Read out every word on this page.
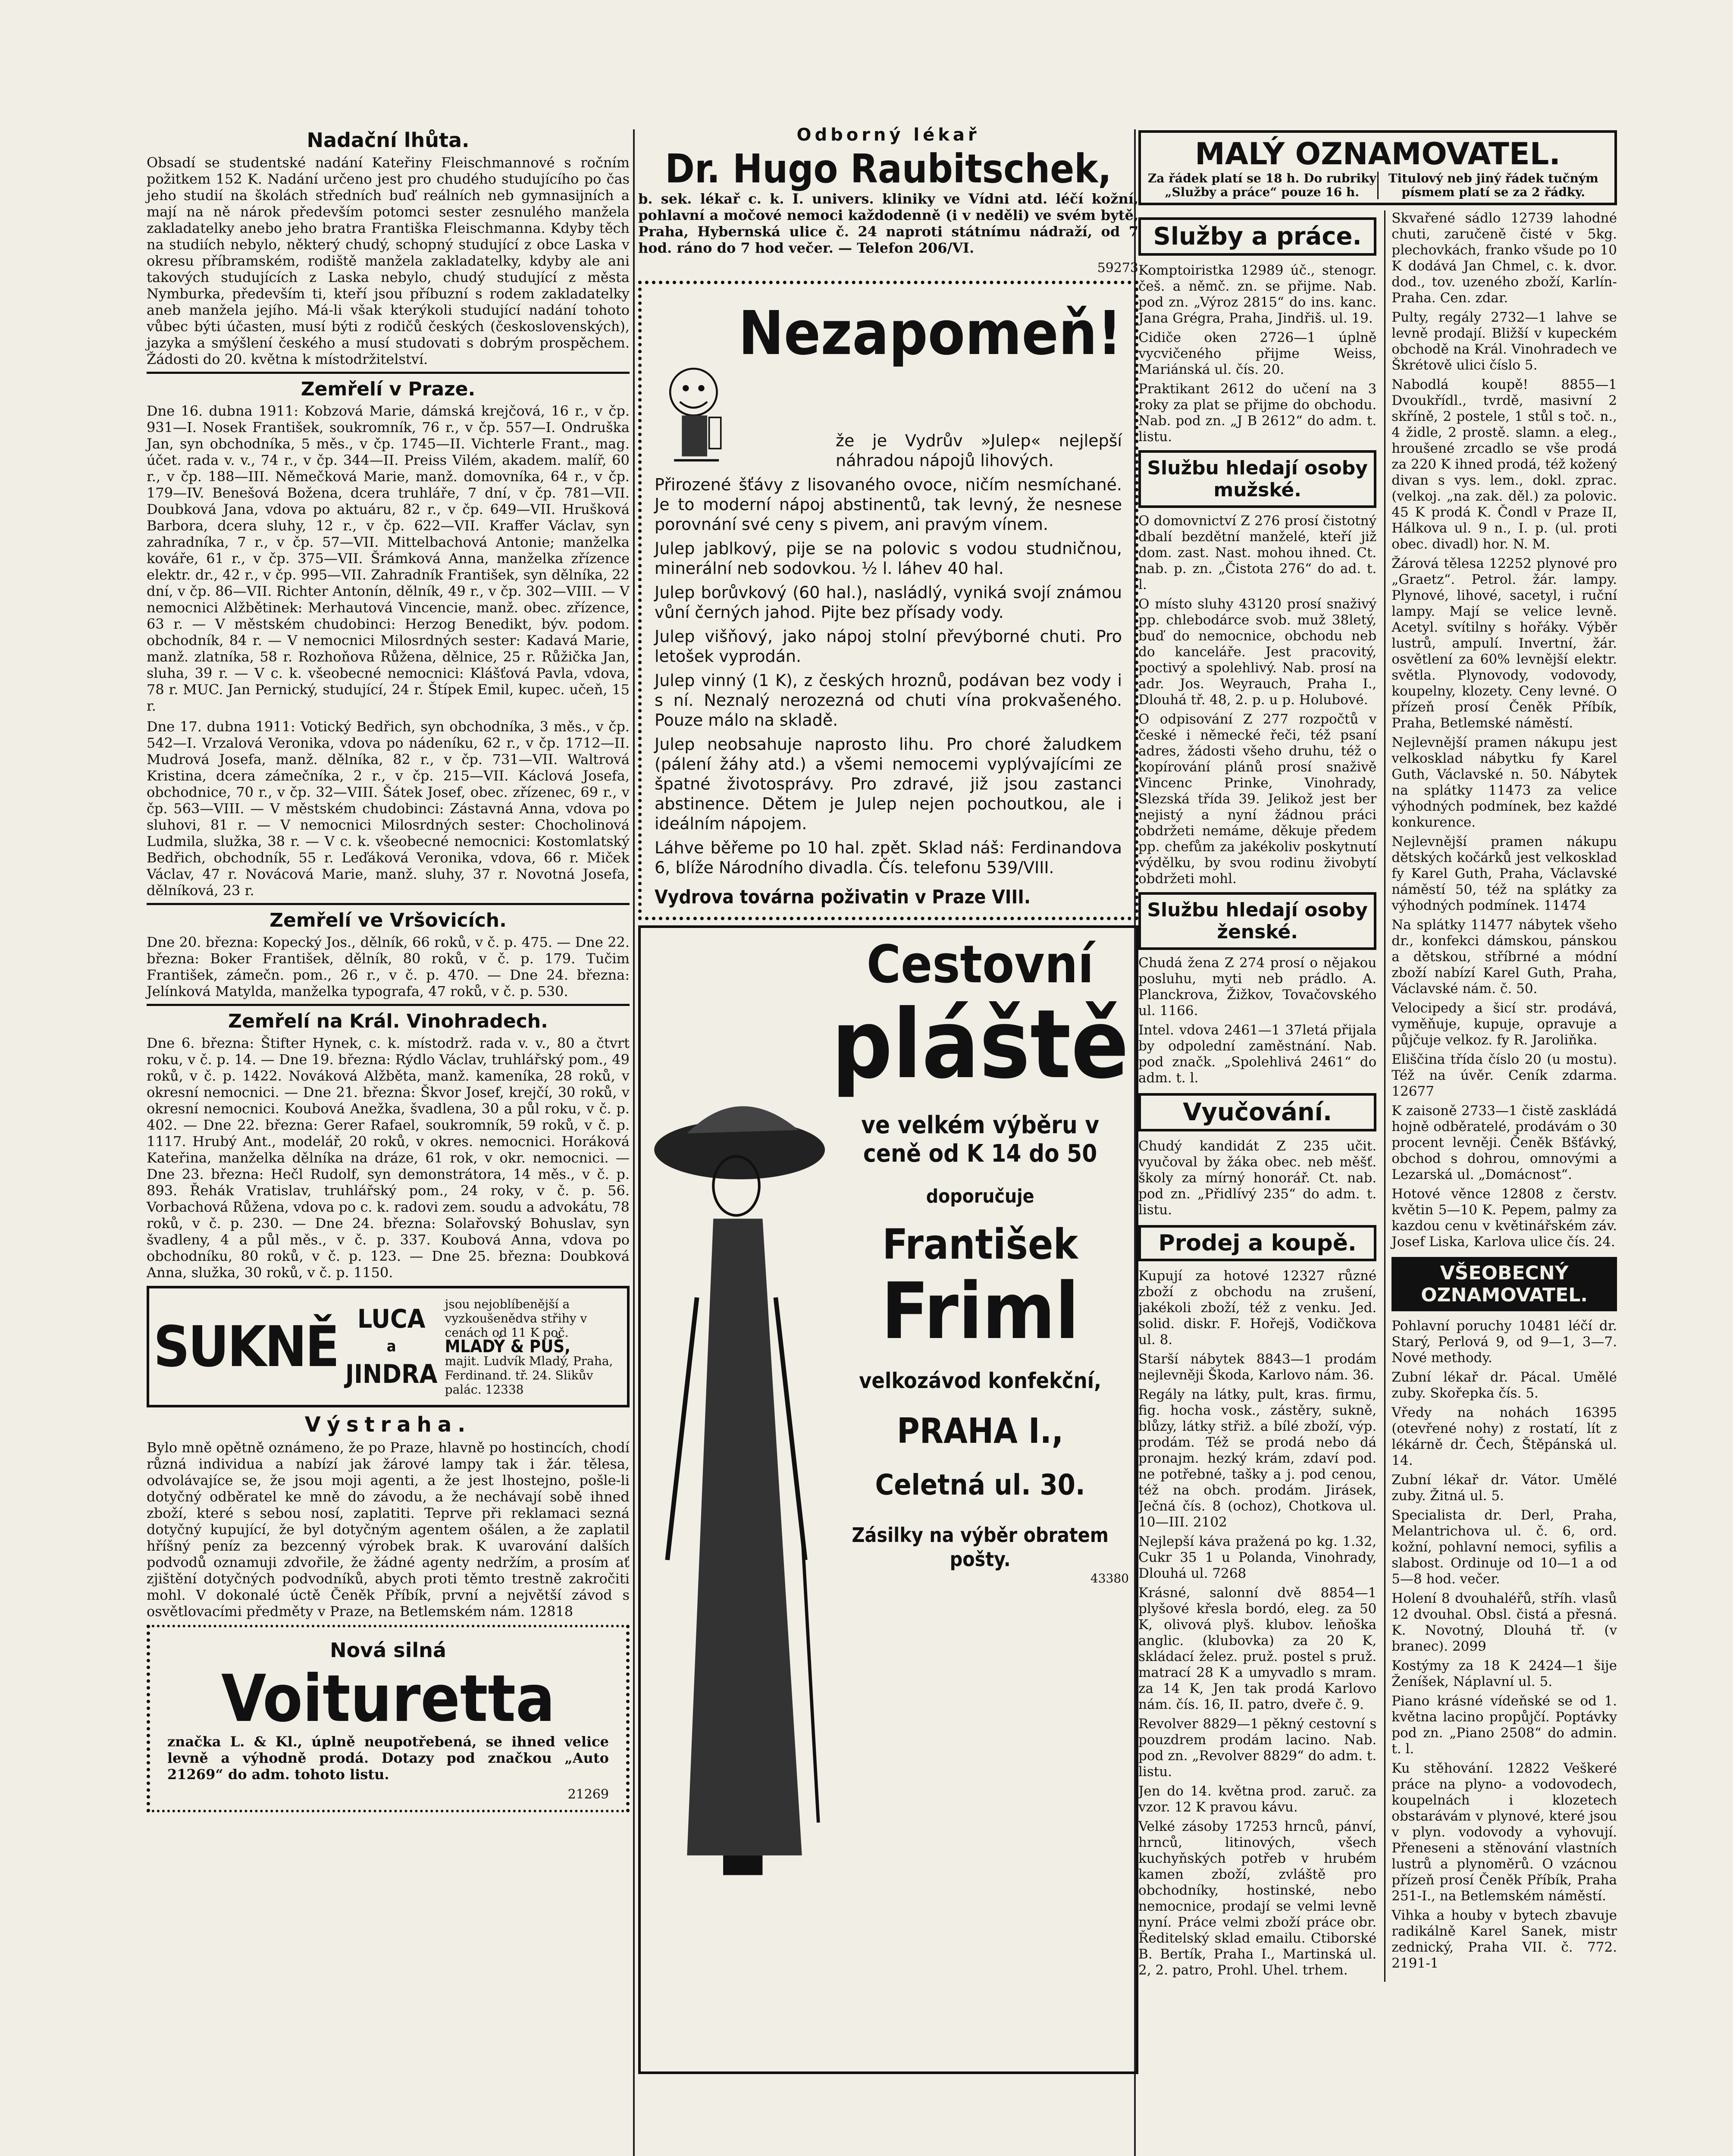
Nadační lhůta.

Obsadí se studentské nadání Kateřiny Fleischmannové s ročním požitkem 152 K. Nadání určeno jest pro chudého studujícího po čas jeho studií na školách středních buď reálních neb gymnasijních a mají na ně nárok především potomci sester zesnulého manžela zakladatelky anebo jeho bratra Františka Fleischmanna. Kdyby těch na studiích nebylo, některý chudý, schopný studující z obce Laska v okresu příbramském, rodiště manžela zakladatelky, kdyby ale ani takových studujících z Laska nebylo, chudý studující z města Nymburka, především ti, kteří jsou příbuzní s rodem zakladatelky aneb manžela jejího. Má-li však kterýkoli studující nadání tohoto vůbec býti účasten, musí býti z rodičů českých (československých), jazyka a smýšlení českého a musí studovati s dobrým prospěchem. Žádosti do 20. května k místodržitelství.

Zemřelí v Praze.

Dne 16. dubna 1911: Kobzová Marie, dámská krejčová, 16 r., v čp. 931—I. Nosek František, soukromník, 76 r., v čp. 557—I. Ondruška Jan, syn obchodníka, 5 měs., v čp. 1745—II. Vichterle Frant., mag. účet. rada v. v., 74 r., v čp. 344—II. Preiss Vilém, akadem. malíř, 60 r., v čp. 188—III. Němečková Marie, manž. domovníka, 64 r., v čp. 179—IV. Benešová Božena, dcera truhláře, 7 dní, v čp. 781—VII. Doubková Jana, vdova po aktuáru, 82 r., v čp. 649—VII. Hrušková Barbora, dcera sluhy, 12 r., v čp. 622—VII. Kraffer Václav, syn zahradníka, 7 r., v čp. 57—VII. Mittelbachová Antonie; manželka kováře, 61 r., v čp. 375—VII. Šrámková Anna, manželka zřízence elektr. dr., 42 r., v čp. 995—VII. Zahradník František, syn dělníka, 22 dní, v čp. 86—VII. Richter Antonín, dělník, 49 r., v čp. 302—VIII. — V nemocnici Alžbětinek: Merhautová Vincencie, manž. obec. zřízence, 63 r. — V městském chudobinci: Herzog Benedikt, býv. podom. obchodník, 84 r. — V nemocnici Milosrdných sester: Kadavá Marie, manž. zlatníka, 58 r. Rozhoňova Růžena, dělnice, 25 r. Růžička Jan, sluha, 39 r. — V c. k. všeobecné nemocnici: Klášťová Pavla, vdova, 78 r. MUC. Jan Pernický, studující, 24 r. Štípek Emil, kupec. učeň, 15 r.

Dne 17. dubna 1911: Votický Bedřich, syn obchodníka, 3 měs., v čp. 542—I. Vrzalová Veronika, vdova po nádeníku, 62 r., v čp. 1712—II. Mudrová Josefa, manž. dělníka, 82 r., v čp. 731—VII. Waltrová Kristina, dcera zámečníka, 2 r., v čp. 215—VII. Káclová Josefa, obchodnice, 70 r., v čp. 32—VIII. Šátek Josef, obec. zřízenec, 69 r., v čp. 563—VIII. — V městském chudobinci: Zástavná Anna, vdova po sluhovi, 81 r. — V nemocnici Milosrdných sester: Chocholinová Ludmila, služka, 38 r. — V c. k. všeobecné nemocnici: Kostomlatský Bedřich, obchodník, 55 r. Leďáková Veronika, vdova, 66 r. Miček Václav, 47 r. Novácová Marie, manž. sluhy, 37 r. Novotná Josefa, dělníková, 23 r.

Zemřelí ve Vršovicích.

Dne 20. března: Kopecký Jos., dělník, 66 roků, v č. p. 475. — Dne 22. března: Boker František, dělník, 80 roků, v č. p. 179. Tučim František, zámečn. pom., 26 r., v č. p. 470. — Dne 24. března: Jelínková Matylda, manželka typografa, 47 roků, v č. p. 530.

Zemřelí na Král. Vinohradech.

Dne 6. března: Štifter Hynek, c. k. místodrž. rada v. v., 80 a čtvrt roku, v č. p. 14. — Dne 19. března: Rýdlo Václav, truhlářský pom., 49 roků, v č. p. 1422. Nováková Alžběta, manž. kameníka, 28 roků, v okresní nemocnici. — Dne 21. března: Škvor Josef, krejčí, 30 roků, v okresní nemocnici. Koubová Anežka, švadlena, 30 a půl roku, v č. p. 402. — Dne 22. března: Gerer Rafael, soukromník, 59 roků, v č. p. 1117. Hrubý Ant., modelář, 20 roků, v okres. nemocnici. Horáková Kateřina, manželka dělníka na dráze, 61 rok, v okr. nemocnici. — Dne 23. března: Hečl Rudolf, syn demonstrátora, 14 měs., v č. p. 893. Řehák Vratislav, truhlářský pom., 24 roky, v č. p. 56. Vorbachová Růžena, vdova po c. k. radovi zem. soudu a advokátu, 78 roků, v č. p. 230. — Dne 24. března: Solařovský Bohuslav, syn švadleny, 4 a půl měs., v č. p. 337. Koubová Anna, vdova po obchodníku, 80 roků, v č. p. 123. — Dne 25. března: Doubková Anna, služka, 30 roků, v č. p. 1150.

SUKNĚ LUCA
a
JINDRA
jsou nejoblíbenější a vyzkoušenědva střihy v cenách od 11 K poč.
MLADÝ & PUŠ,
majit. Ludvík Mladý, Praha, Ferdinand. tř. 24. Slikův palác. 12338
Výstraha.

Bylo mně opětně oznámeno, že po Praze, hlavně po hostincích, chodí různá individua a nabízí jak žárové lampy tak i žár. tělesa, odvolávajíce se, že jsou moji agenti, a že jest lhostejno, pošle-li dotyčný odběratel ke mně do závodu, a že nechávají sobě ihned zboží, které s sebou nosí, zaplatiti. Teprve při reklamaci sezná dotyčný kupující, že byl dotyčným agentem ošálen, a že zaplatil hříšný peníz za bezcenný výrobek brak. K uvarování dalších podvodů oznamuji zdvořile, že žádné agenty nedržím, a prosím ať zjištění dotyčných podvodníků, abych proti těmto trestně zakročiti mohl. V dokonalé úctě Čeněk Příbík, první a největší závod s osvětlovacími předměty v Praze, na Betlemském nám. 12818

Nová silná
Voituretta

značka L. & Kl., úplně neupotřebená, se ihned velice levně a výhodně prodá. Dotazy pod značkou „Auto 21269“ do adm. tohoto listu.

21269
Odborný lékař
Dr. Hugo Raubitschek,

b. sek. lékař c. k. I. univers. kliniky ve Vídni atd. léčí kožní, pohlavní a močové nemoci každodenně (i v neděli) ve svém bytě, Praha, Hybernská ulice č. 24 naproti státnímu nádraží, od 7 hod. ráno do 7 hod večer. — Telefon 206/VI.

59273
Nezapomeň!

že je Vydrův »Julep« nejlepší náhradou nápojů lihových.

Přirozené šťávy z lisovaného ovoce, ničím nesmíchané. Je to moderní nápoj abstinentů, tak levný, že nesnese porovnání své ceny s pivem, ani pravým vínem.

Julep jablkový, pije se na polovic s vodou studničnou, minerální neb sodovkou. ½ l. láhev 40 hal.

Julep borůvkový (60 hal.), nasládlý, vyniká svojí známou vůní černých jahod. Pijte bez přísady vody.

Julep višňový, jako nápoj stolní převýborné chuti. Pro letošek vyprodán.

Julep vinný (1 K), z českých hroznů, podávan bez vody i s ní. Neznalý nerozezná od chuti vína prokvašeného. Pouze málo na skladě.

Julep neobsahuje naprosto lihu. Pro choré žaludkem (pálení žáhy atd.) a všemi nemocemi vyplývajícími ze špatné životosprávy. Pro zdravé, již jsou zastanci abstinence. Dětem je Julep nejen pochoutkou, ale i ideálním nápojem.

Láhve běřeme po 10 hal. zpět. Sklad náš: Ferdinandova 6, blíže Národního divadla. Čís. telefonu 539/VIII.

Vydrova továrna poživatin v Praze VIII.
Cestovní
pláště
ve velkém výběru v ceně od K 14 do 50
doporučuje
František
Friml
velkozávod konfekční,
PRAHA I.,
Celetná ul. 30.
Zásilky na výběr obratem pošty.
43380
MALÝ OZNAMOVATEL.
Za řádek platí se 18 h. Do rubriky „Služby a práce“ pouze 16 h.
Titulový neb jiný řádek tučným písmem platí se za 2 řádky.
Služby a práce.

Komptoiristka 12989 úč., stenogr. češ. a němč. zn. se přijme. Nab. pod zn. „Výroz 2815“ do ins. kanc. Jana Grégra, Praha, Jindřiš. ul. 19.

Cidiče oken 2726—1 úplně vycvičeného přijme Weiss, Mariánská ul. čís. 20.

Praktikant 2612 do učení na 3 roky za plat se přijme do obchodu. Nab. pod zn. „J B 2612“ do adm. t. listu.

Službu hledají osoby mužské.

O domovnictví Z 276 prosí čistotný dbalí bezdětní manželé, kteří již dom. zast. Nast. mohou ihned. Ct. nab. p. zn. „Čistota 276“ do ad. t. l.

O místo sluhy 43120 prosí snaživý pp. chlebodárce svob. muž 38letý, buď do nemocnice, obchodu neb do kanceláře. Jest pracovitý, poctivý a spolehlivý. Nab. prosí na adr. Jos. Weyrauch, Praha I., Dlouhá tř. 48, 2. p. u p. Holubové.

O odpisování Z 277 rozpočtů v české i německé řeči, též psaní adres, žádosti všeho druhu, též o kopírování plánů prosí snaživě Vincenc Prinke, Vinohrady, Slezská třída 39. Jelikož jest ber nejistý a nyní žádnou práci obdržeti nemáme, děkuje předem pp. chefům za jakékoliv poskytnutí výdělku, by svou rodinu živobytí obdržeti mohl.

Službu hledají osoby ženské.

Chudá žena Z 274 prosí o nějakou posluhu, myti neb prádlo. A. Planckrova, Žižkov, Tovačovského ul. 1166.

Intel. vdova 2461—1 37letá přijala by odpolední zaměstnání. Nab. pod značk. „Spolehlivá 2461“ do adm. t. l.

Vyučování.

Chudý kandidát Z 235 učit. vyučoval by žáka obec. neb měšť. školy za mírný honorář. Ct. nab. pod zn. „Přidlívý 235“ do adm. t. listu.

Prodej a koupě.

Kupují za hotové 12327 různé zboží z obchodu na zrušení, jakékoli zboží, též z venku. Jed. solid. diskr. F. Hořejš, Vodičkova ul. 8.

Starší nábytek 8843—1 prodám nejlevněji Škoda, Karlovo nám. 36.

Regály na látky, pult, kras. firmu, fig. hocha vosk., zástěry, sukně, blůzy, látky střiž. a bílé zboží, výp. prodám. Též se prodá nebo dá pronajm. hezký krám, zdaví pod. ne potřebné, tašky a j. pod cenou, též na obch. prodám. Jirásek, Ječná čís. 8 (ochoz), Chotkova ul. 10—III. 2102

Nejlepší káva pražená po kg. 1.32, Cukr 35 1 u Polanda, Vinohrady, Dlouhá ul. 7268

Krásné, salonní dvě 8854—1 plyšové křesla bordó, eleg. za 50 K, olivová plyš. klubov. leňoška anglic. (klubovka) za 20 K, skládací želez. pruž. postel s pruž. matrací 28 K a umyvadlo s mram. za 14 K, Jen tak prodá Karlovo nám. čís. 16, II. patro, dveře č. 9.

Revolver 8829—1 pěkný cestovní s pouzdrem prodám lacino. Nab. pod zn. „Revolver 8829“ do adm. t. listu.

Jen do 14. května prod. zaruč. za vzor. 12 K pravou kávu.

Velké zásoby 17253 hrnců, pánví, hrnců, litinových, všech kuchyňských potřeb v hrubém kamen zboží, zvláště pro obchodníky, hostinské, nebo nemocnice, prodají se velmi levně nyní. Práce velmi zboží práce obr. Ředitelský sklad emailu. Ctiborské B. Bertík, Praha I., Martinská ul. 2, 2. patro, Prohl. Uhel. trhem.

Skvařené sádlo 12739 lahodné chuti, zaručeně čisté v 5kg. plechovkách, franko všude po 10 K dodává Jan Chmel, c. k. dvor. dod., tov. uzeného zboží, Karlín-Praha. Cen. zdar.

Pulty, regály 2732—1 lahve se levně prodají. Bližší v kupeckém obchodě na Král. Vinohradech ve Škrétově ulici číslo 5.

Nabodlá koupě! 8855—1 Dvoukřídl., tvrdě, masivní 2 skříně, 2 postele, 1 stůl s toč. n., 4 židle, 2 prostě. slamn. a eleg., hroušené zrcadlo se vše prodá za 220 K ihned prodá, též kožený divan s vys. lem., dokl. zprac. (velkoj. „na zak. děl.) za polovic. 45 K prodá K. Čondl v Praze II, Hálkova ul. 9 n., I. p. (ul. proti obec. divadl) hor. N. M.

Žárová tělesa 12252 plynové pro „Graetz“. Petrol. žár. lampy. Plynové, lihové, sacetyl, i ruční lampy. Mají se velice levně. Acetyl. svítilny s hořáky. Výběr lustrů, ampulí. Invertní, žár. osvětlení za 60% levnější elektr. světla. Plynovody, vodovody, koupelny, klozety. Ceny levné. O přízeň prosí Čeněk Příbík, Praha, Betlemské náměstí.

Nejlevnější pramen nákupu jest velkosklad nábytku fy Karel Guth, Václavské n. 50. Nábytek na splátky 11473 za velice výhodných podmínek, bez každé konkurence.

Nejlevnější pramen nákupu dětských kočárků jest velkosklad fy Karel Guth, Praha, Václavské náměstí 50, též na splátky za výhodných podmínek. 11474

Na splátky 11477 nábytek všeho dr., konfekci dámskou, pánskou a dětskou, stříbrné a módní zboží nabízí Karel Guth, Praha, Václavské nám. č. 50.

Velocipedy a šicí str. prodává, vyměňuje, kupuje, opravuje a půjčuje velkoz. fy R. Jaroliňka.

Eliščina třída číslo 20 (u mostu). Též na úvěr. Ceník zdarma. 12677

K zaisoně 2733—1 čistě zaskládá hojně odběratelé, prodávám o 30 procent levněji. Čeněk Bšťávký, obchod s dohrou, omnovými a Lezarská ul. „Domácnost“.

Hotové věnce 12808 z čerstv. květin 5—10 K. Pepem, palmy za kazdou cenu v květinářském záv. Josef Liska, Karlova ulice čís. 24.

VŠEOBECNÝ OZNAMOVATEL.

Pohlavní poruchy 10481 léčí dr. Starý, Perlová 9, od 9—1, 3—7. Nové methody.

Zubní lékař dr. Pácal. Umělé zuby. Skořepka čís. 5.

Vředy na nohách 16395 (otevřené nohy) z rostatí, lít z lékárně dr. Čech, Štěpánská ul. 14.

Zubní lékař dr. Vátor. Umělé zuby. Žitná ul. 5.

Specialista dr. Derl, Praha, Melantrichova ul. č. 6, ord. kožní, pohlavní nemoci, syfilis a slabost. Ordinuje od 10—1 a od 5—8 hod. večer.

Holení 8 dvouhaléřů, stříh. vlasů 12 dvouhal. Obsl. čistá a přesná. K. Novotný, Dlouhá tř. (v branec). 2099

Kostýmy za 18 K 2424—1 šije Ženíšek, Náplavní ul. 5.

Piano krásné vídeňské se od 1. května lacino propůjčí. Poptávky pod zn. „Piano 2508“ do admin. t. l.

Ku stěhování. 12822 Veškeré práce na plyno- a vodovodech, koupelnách i klozetech obstarávám v plynové, které jsou v plyn. vodovody a vyhovují. Přeneseni a stěnování vlastních lustrů a plynoměrů. O vzácnou přízeň prosí Čeněk Příbík, Praha 251-I., na Betlemském náměstí.

Vihka a houby v bytech zbavuje radikálně Karel Sanek, mistr zednický, Praha VII. č. 772. 2191-1
